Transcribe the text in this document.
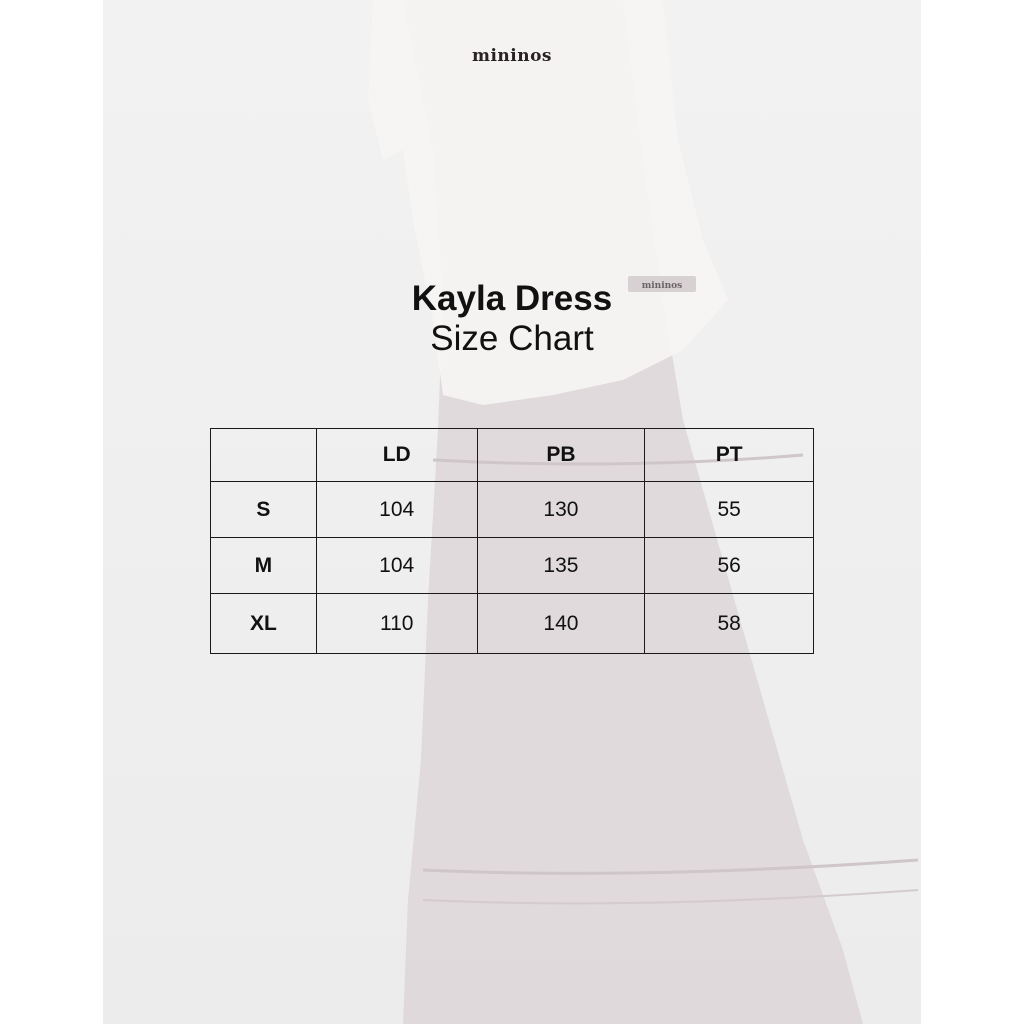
mininos
mininos
Kayla Dress
Size Chart
	LD	PB	PT
S	104	130	55
M	104	135	56
XL	110	140	58
